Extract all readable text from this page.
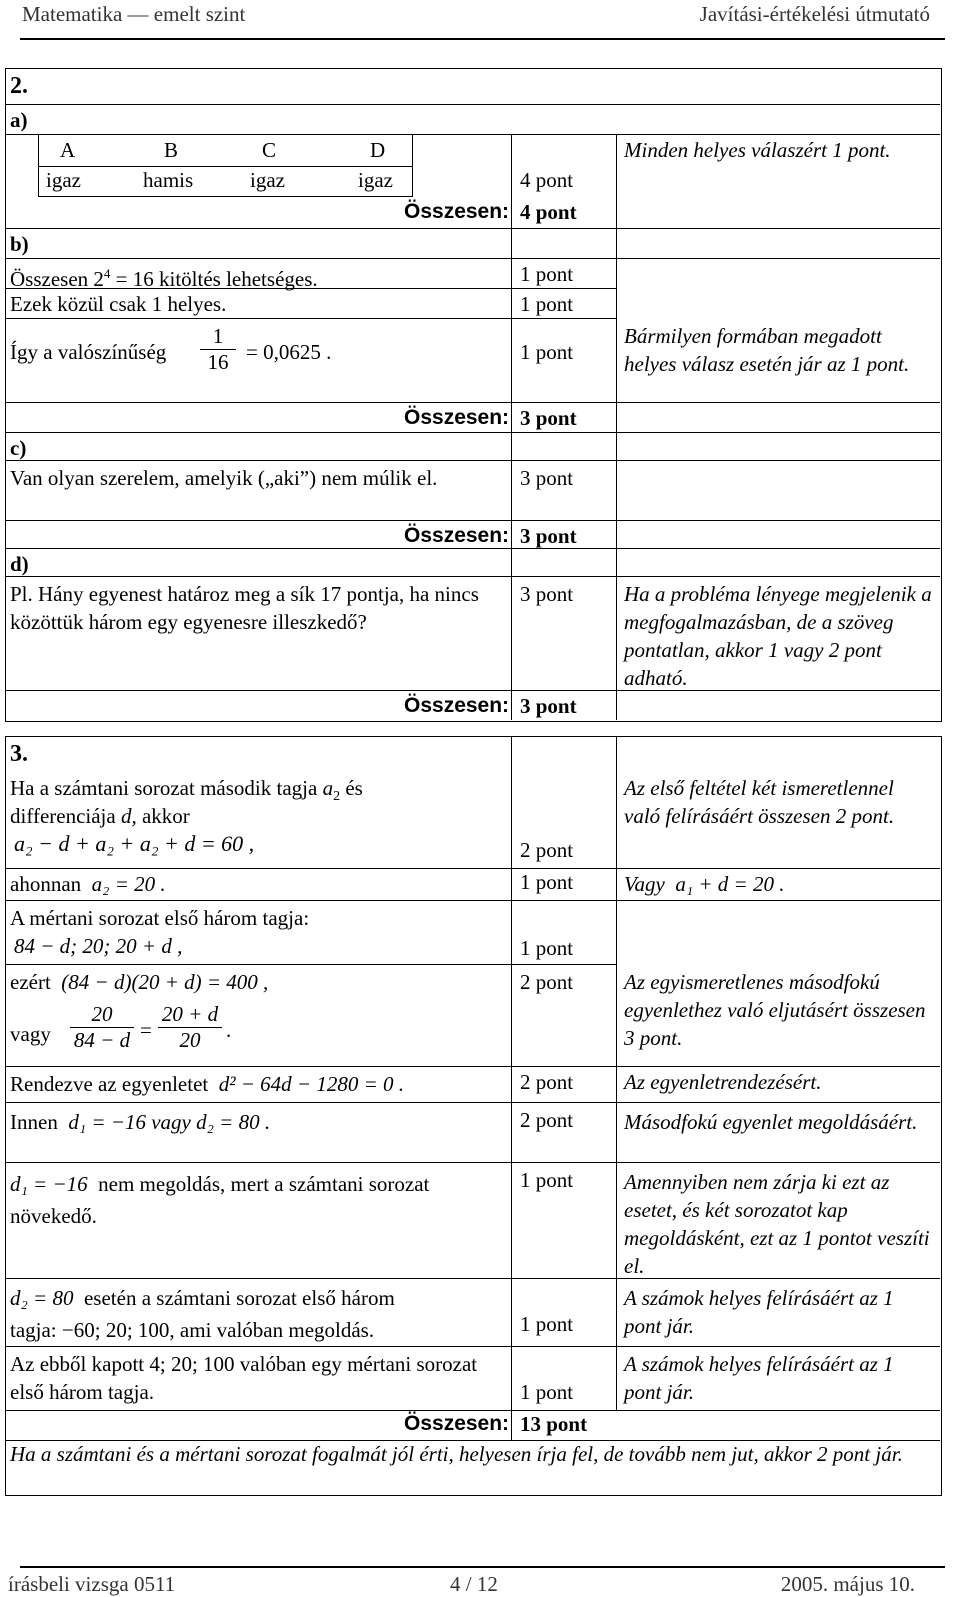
Matematika — emelt szint	Javítási-értékelési útmutató
2.
a)
A	B	C	D
igaz	hamis	igaz	igaz	4 pont
Minden helyes válaszért 1 pont.
Összesen: 4 pont
b)
Összesen $2^4 = 16$ kitöltés lehetséges.	1 pont
Ezek közül csak 1 helyes.	1 pont
Így a valószínűség $\frac{1}{16} = 0,0625$ .	1 pont
Bármilyen formában megadott helyes válasz esetén jár az 1 pont.
Összesen: 3 pont
c)
Van olyan szerelem, amelyik („aki”) nem múlik el.	3 pont
Összesen: 3 pont
d)
Pl. Hány egyenest határoz meg a sík 17 pontja, ha nincs közöttük három egy egyenesre illeszkedő?
3 pont Ha a probléma lényege megjelenik a megfogalmazásban, de a szöveg pontatlan, akkor 1 vagy 2 pont adható.
Összesen: 3 pont
3.
Ha a számtani sorozat második tagja $a_2$ és
differenciája d, akkor
a₂ − d + a₂ + a₂ + d = 60 ,	2 pont
Az első feltétel két ismeretlennel való felírásáért összesen 2 pont.
ahonnan a₂ = 20 .	1 pont Vagy a₁ + d = 20 .
A mértani sorozat első három tagja:
84 − d; 20; 20 + d ,	1 pont
ezért (84 − d)(20 + d) = 400 ,	2 pont Az egyismeretlenes másodfokú egyenlethez való eljutásért összesen 3 pont.
vagy $\frac{20}{84 - d} = \frac{20 + d}{20}$ .
Rendezve az egyenletet d² − 64d − 1280 = 0 .	2 pont Az egyenletrendezésért.
Innen d₁ = −16 vagy d₂ = 80 .	2 pont Másodfokú egyenlet megoldásáért.
d₁ = −16 nem megoldás, mert a számtani sorozat növekedő.
1 pont Amennyiben nem zárja ki ezt az esetet, és két sorozatot kap megoldásként, ezt az 1 pontot veszíti el.
d₂ = 80 esetén a számtani sorozat első három
tagja: −60; 20; 100, ami valóban megoldás.	1 pont
A számok helyes felírásáért az 1 pont jár.
Az ebből kapott 4; 20; 100 valóban egy mértani sorozat első három tagja.	1 pont
A számok helyes felírásáért az 1 pont jár.
Összesen: 13 pont
Ha a számtani és a mértani sorozat fogalmát jól érti, helyesen írja fel, de tovább nem jut, akkor 2 pont jár.
írásbeli vizsga 0511	4 / 12	2005. május 10.
